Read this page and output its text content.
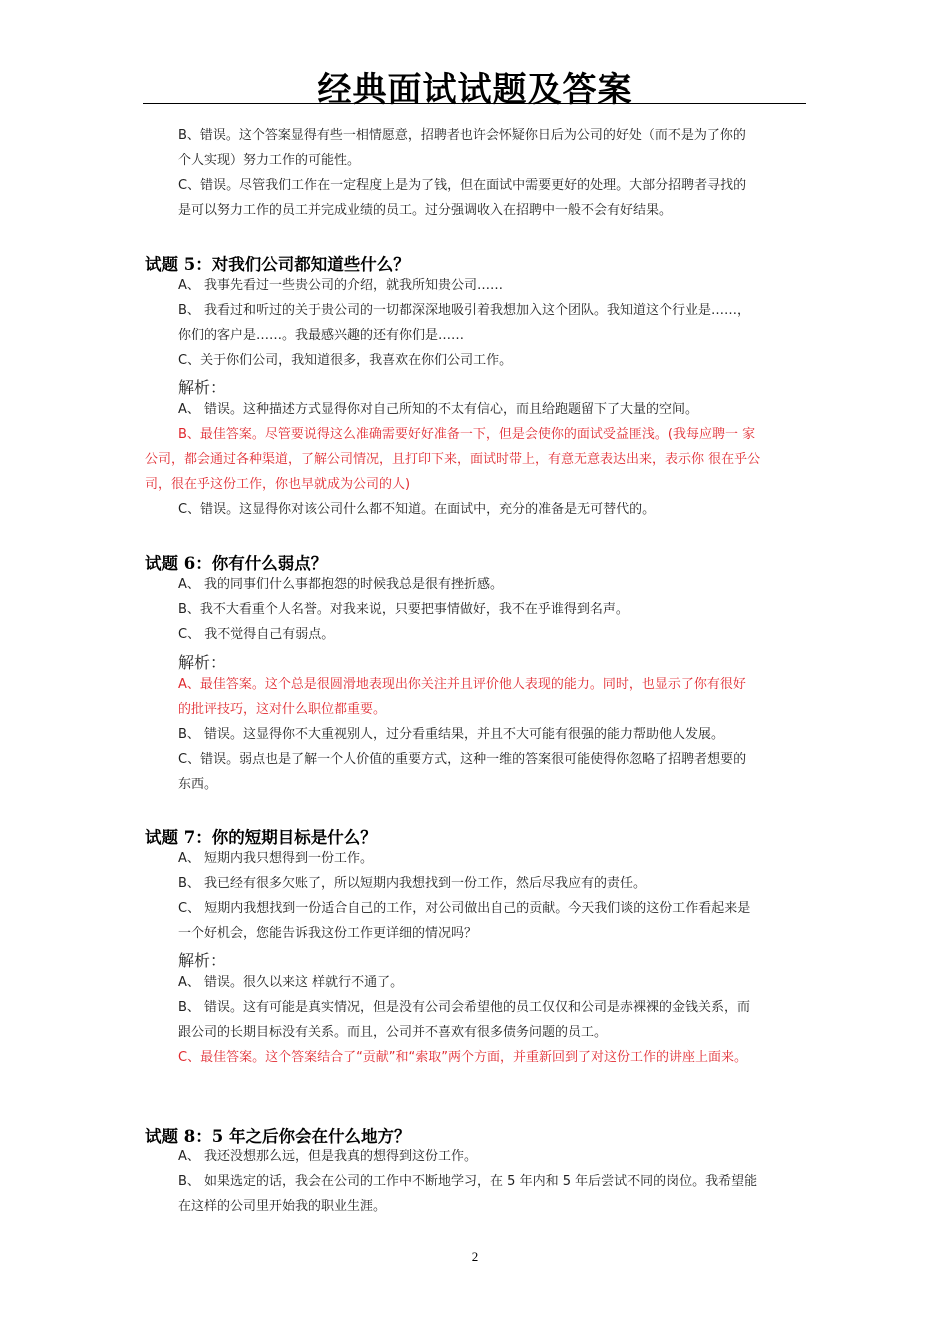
经典面试试题及答案
B、错误。这个答案显得有些一相情愿意，招聘者也许会怀疑你日后为公司的好处（而不是为了你的
个人实现）努力工作的可能性。
C、错误。尽管我们工作在一定程度上是为了钱，但在面试中需要更好的处理。大部分招聘者寻找的
是可以努力工作的员工并完成业绩的员工。过分强调收入在招聘中一般不会有好结果。
试题 5：对我们公司都知道些什么？
A、 我事先看过一些贵公司的介绍，就我所知贵公司……
B、 我看过和听过的关于贵公司的一切都深深地吸引着我想加入这个团队。我知道这个行业是……，
你们的客户是……。我最感兴趣的还有你们是……
C、关于你们公司，我知道很多，我喜欢在你们公司工作。
解析：
A、 错误。这种描述方式显得你对自己所知的不太有信心，而且给跑题留下了大量的空间。
B、最佳答案。尽管要说得这么准确需要好好准备一下，但是会使你的面试受益匪浅。(我每应聘一 家
公司，都会通过各种渠道，了解公司情况，且打印下来，面试时带上，有意无意表达出来，表示你 很在乎公
司，很在乎这份工作，你也早就成为公司的人)
C、错误。这显得你对该公司什么都不知道。在面试中，充分的准备是无可替代的。
试题 6：你有什么弱点？
A、 我的同事们什么事都抱怨的时候我总是很有挫折感。
B、我不大看重个人名誉。对我来说，只要把事情做好，我不在乎谁得到名声。
C、 我不觉得自己有弱点。
解析：
A、最佳答案。这个总是很圆滑地表现出你关注并且评价他人表现的能力。同时，也显示了你有很好
的批评技巧，这对什么职位都重要。
B、 错误。这显得你不大重视别人，过分看重结果，并且不大可能有很强的能力帮助他人发展。
C、错误。弱点也是了解一个人价值的重要方式，这种一维的答案很可能使得你忽略了招聘者想要的
东西。
试题 7：你的短期目标是什么？
A、 短期内我只想得到一份工作。
B、 我已经有很多欠账了，所以短期内我想找到一份工作，然后尽我应有的责任。
C、 短期内我想找到一份适合自己的工作，对公司做出自己的贡献。今天我们谈的这份工作看起来是
一个好机会，您能告诉我这份工作更详细的情况吗？
解析：
A、 错误。很久以来这 样就行不通了。
B、 错误。这有可能是真实情况，但是没有公司会希望他的员工仅仅和公司是赤裸裸的金钱关系，而
跟公司的长期目标没有关系。而且，公司并不喜欢有很多债务问题的员工。
C、最佳答案。这个答案结合了“贡献”和“索取”两个方面，并重新回到了对这份工作的讲座上面来。
试题 8：5 年之后你会在什么地方？
A、 我还没想那么远，但是我真的想得到这份工作。
B、 如果选定的话，我会在公司的工作中不断地学习，在 5 年内和 5 年后尝试不同的岗位。我希望能
在这样的公司里开始我的职业生涯。
2
